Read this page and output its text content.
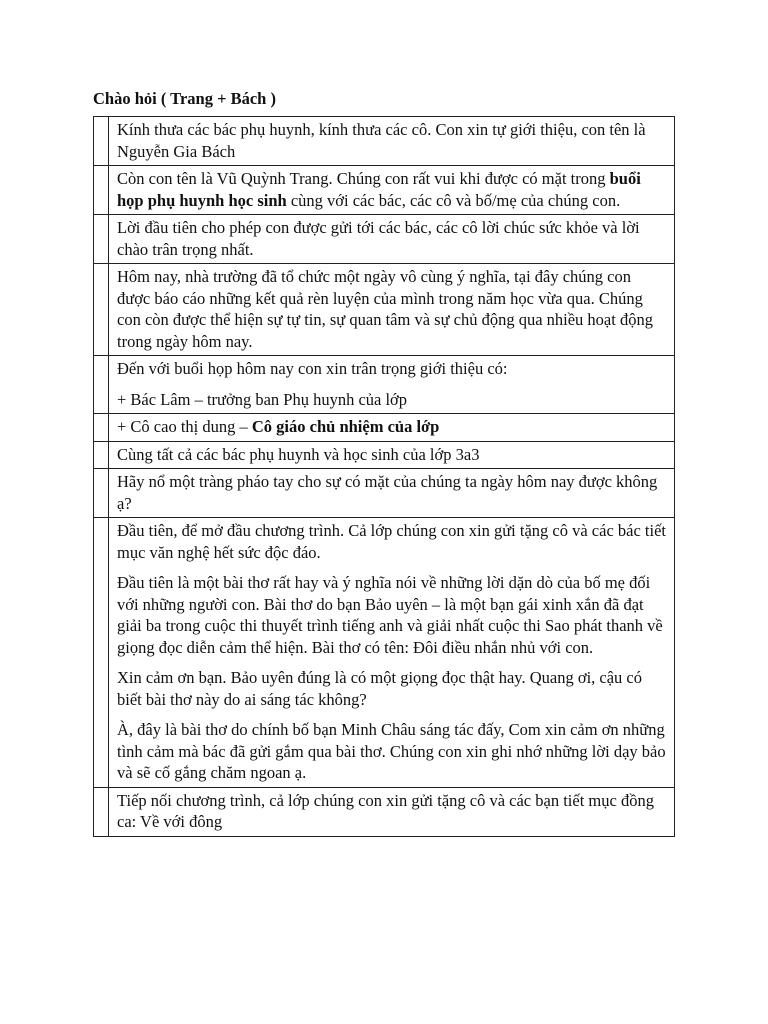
Chào hỏi ( Trang + Bách )

	Kính thưa các bác phụ huynh, kính thưa các cô. Con xin tự giới thiệu, con tên là Nguyễn Gia Bách

	Còn con tên là Vũ Quỳnh Trang. Chúng con rất vui khi được có mặt trong buổi họp phụ huynh học sinh cùng với các bác, các cô và bố/mẹ của chúng con.

	Lời đầu tiên cho phép con được gửi tới các bác, các cô lời chúc sức khỏe và lời chào trân trọng nhất.

	Hôm nay, nhà trường đã tổ chức một ngày vô cùng ý nghĩa, tại đây chúng con được báo cáo những kết quả rèn luyện của mình trong năm học vừa qua. Chúng con còn được thể hiện sự tự tin, sự quan tâm và sự chủ động qua nhiều hoạt động trong ngày hôm nay.

	Đến với buổi họp hôm nay con xin trân trọng giới thiệu có:

+ Bác Lâm – trưởng ban Phụ huynh của lớp

	+ Cô cao thị dung – Cô giáo chủ nhiệm của lớp

	Cùng tất cả các bác phụ huynh và học sinh của lớp 3a3

	Hãy nổ một tràng pháo tay cho sự có mặt của chúng ta ngày hôm nay được không ạ?

	Đầu tiên, để mở đầu chương trình. Cả lớp chúng con xin gửi tặng cô và các bác tiết mục văn nghệ hết sức độc đáo.

Đầu tiên là một bài thơ rất hay và ý nghĩa nói về những lời dặn dò của bố mẹ đối với những người con. Bài thơ do bạn Bảo uyên – là một bạn gái xinh xắn đã đạt giải ba trong cuộc thi thuyết trình tiếng anh và giải nhất cuộc thi Sao phát thanh về giọng đọc diễn cảm thể hiện. Bài thơ có tên: Đôi điều nhắn nhủ với con.

Xin cảm ơn bạn. Bảo uyên đúng là có một giọng đọc thật hay. Quang ơi, cậu có biết bài thơ này do ai sáng tác không?

À, đây là bài thơ do chính bố bạn Minh Châu sáng tác đấy, Com xin cảm ơn những tình cảm mà bác đã gửi gắm qua bài thơ. Chúng con xin ghi nhớ những lời dạy bảo và sẽ cố gắng chăm ngoan ạ.

	Tiếp nối chương trình, cả lớp chúng con xin gửi tặng cô và các bạn tiết mục đồng ca: Về với đông
